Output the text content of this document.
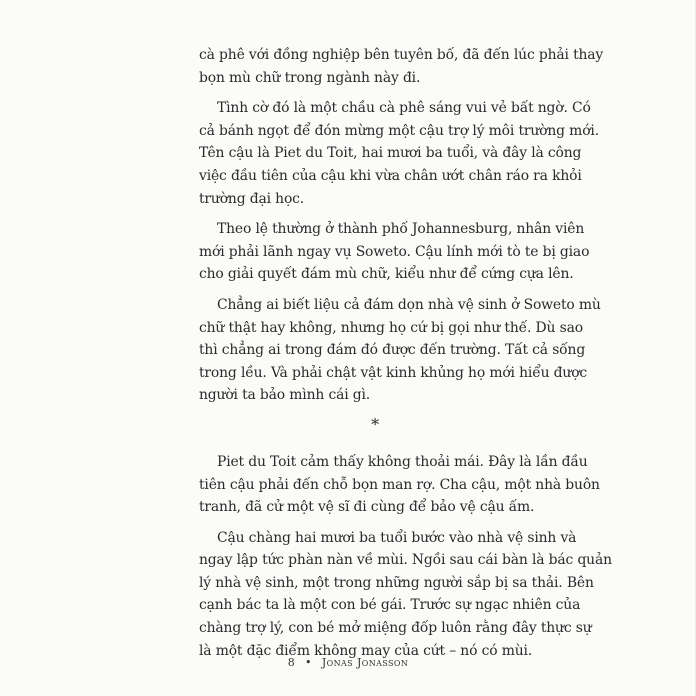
cà phê với đồng nghiệp bên tuyên bố, đã đến lúc phải thay
bọn mù chữ trong ngành này đi.
Tình cờ đó là một chầu cà phê sáng vui vẻ bất ngờ. Có
cả bánh ngọt để đón mừng một cậu trợ lý môi trường mới.
Tên cậu là Piet du Toit, hai mươi ba tuổi, và đây là công
việc đầu tiên của cậu khi vừa chân ướt chân ráo ra khỏi
trường đại học.
Theo lệ thường ở thành phố Johannesburg, nhân viên
mới phải lãnh ngay vụ Soweto. Cậu lính mới tò te bị giao
cho giải quyết đám mù chữ, kiểu như để cứng cựa lên.
Chẳng ai biết liệu cả đám dọn nhà vệ sinh ở Soweto mù
chữ thật hay không, nhưng họ cứ bị gọi như thế. Dù sao
thì chẳng ai trong đám đó được đến trường. Tất cả sống
trong lều. Và phải chật vật kinh khủng họ mới hiểu được
người ta bảo mình cái gì.
*
Piet du Toit cảm thấy không thoải mái. Đây là lần đầu
tiên cậu phải đến chỗ bọn man rợ. Cha cậu, một nhà buôn
tranh, đã cử một vệ sĩ đi cùng để bảo vệ cậu ấm.
Cậu chàng hai mươi ba tuổi bước vào nhà vệ sinh và
ngay lập tức phàn nàn về mùi. Ngồi sau cái bàn là bác quản
lý nhà vệ sinh, một trong những người sắp bị sa thải. Bên
cạnh bác ta là một con bé gái. Trước sự ngạc nhiên của
chàng trợ lý, con bé mở miệng đốp luôn rằng đây thực sự
là một đặc điểm không may của cứt – nó có mùi.
8 • Jonas Jonasson
